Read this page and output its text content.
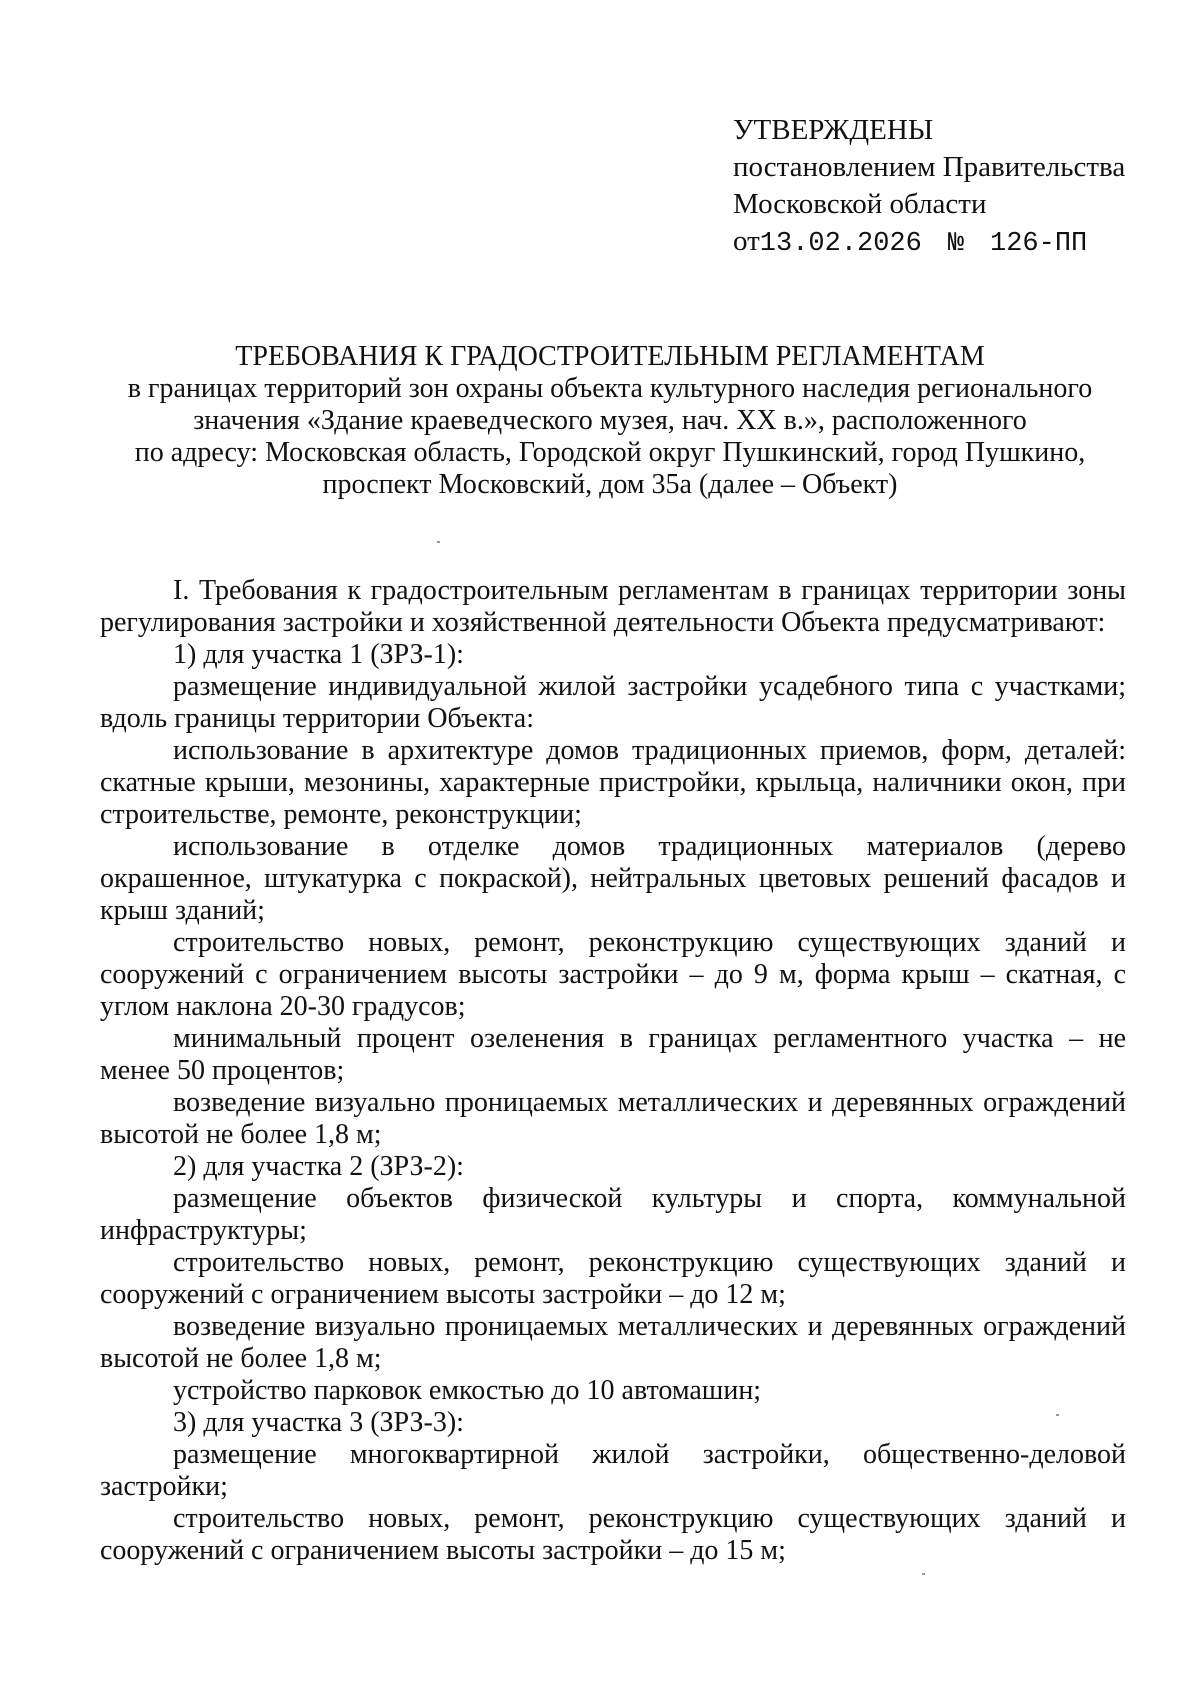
УТВЕРЖДЕНЫ
постановлением Правительства
Московской области
от13.02.2026 № 126-ПП
ТРЕБОВАНИЯ К ГРАДОСТРОИТЕЛЬНЫМ РЕГЛАМЕНТАМ
в границах территорий зон охраны объекта культурного наследия регионального
значения «Здание краеведческого музея, нач. XX в.», расположенного
по адресу: Московская область, Городской округ Пушкинский, город Пушкино,
проспект Московский, дом 35а (далее – Объект)
I. Требования к градостроительным регламентам в границах территории зоны регулирования застройки и хозяйственной деятельности Объекта предусматривают:
1) для участка 1 (ЗРЗ-1):
размещение индивидуальной жилой застройки усадебного типа с участками; вдоль границы территории Объекта:
использование в архитектуре домов традиционных приемов, форм, деталей: скатные крыши, мезонины, характерные пристройки, крыльца, наличники окон, при строительстве, ремонте, реконструкции;
использование в отделке домов традиционных материалов (дерево окрашенное, штукатурка с покраской), нейтральных цветовых решений фасадов и крыш зданий;
строительство новых, ремонт, реконструкцию существующих зданий и сооружений с ограничением высоты застройки – до 9 м, форма крыш – скатная, с углом наклона 20-30 градусов;
минимальный процент озеленения в границах регламентного участка – не менее 50 процентов;
возведение визуально проницаемых металлических и деревянных ограждений высотой не более 1,8 м;
2) для участка 2 (ЗРЗ-2):
размещение объектов физической культуры и спорта, коммунальной инфраструктуры;
строительство новых, ремонт, реконструкцию существующих зданий и сооружений с ограничением высоты застройки – до 12 м;
возведение визуально проницаемых металлических и деревянных ограждений высотой не более 1,8 м;
устройство парковок емкостью до 10 автомашин;
3) для участка 3 (ЗРЗ-3):
размещение многоквартирной жилой застройки, общественно-деловой застройки;
строительство новых, ремонт, реконструкцию существующих зданий и сооружений с ограничением высоты застройки – до 15 м;
